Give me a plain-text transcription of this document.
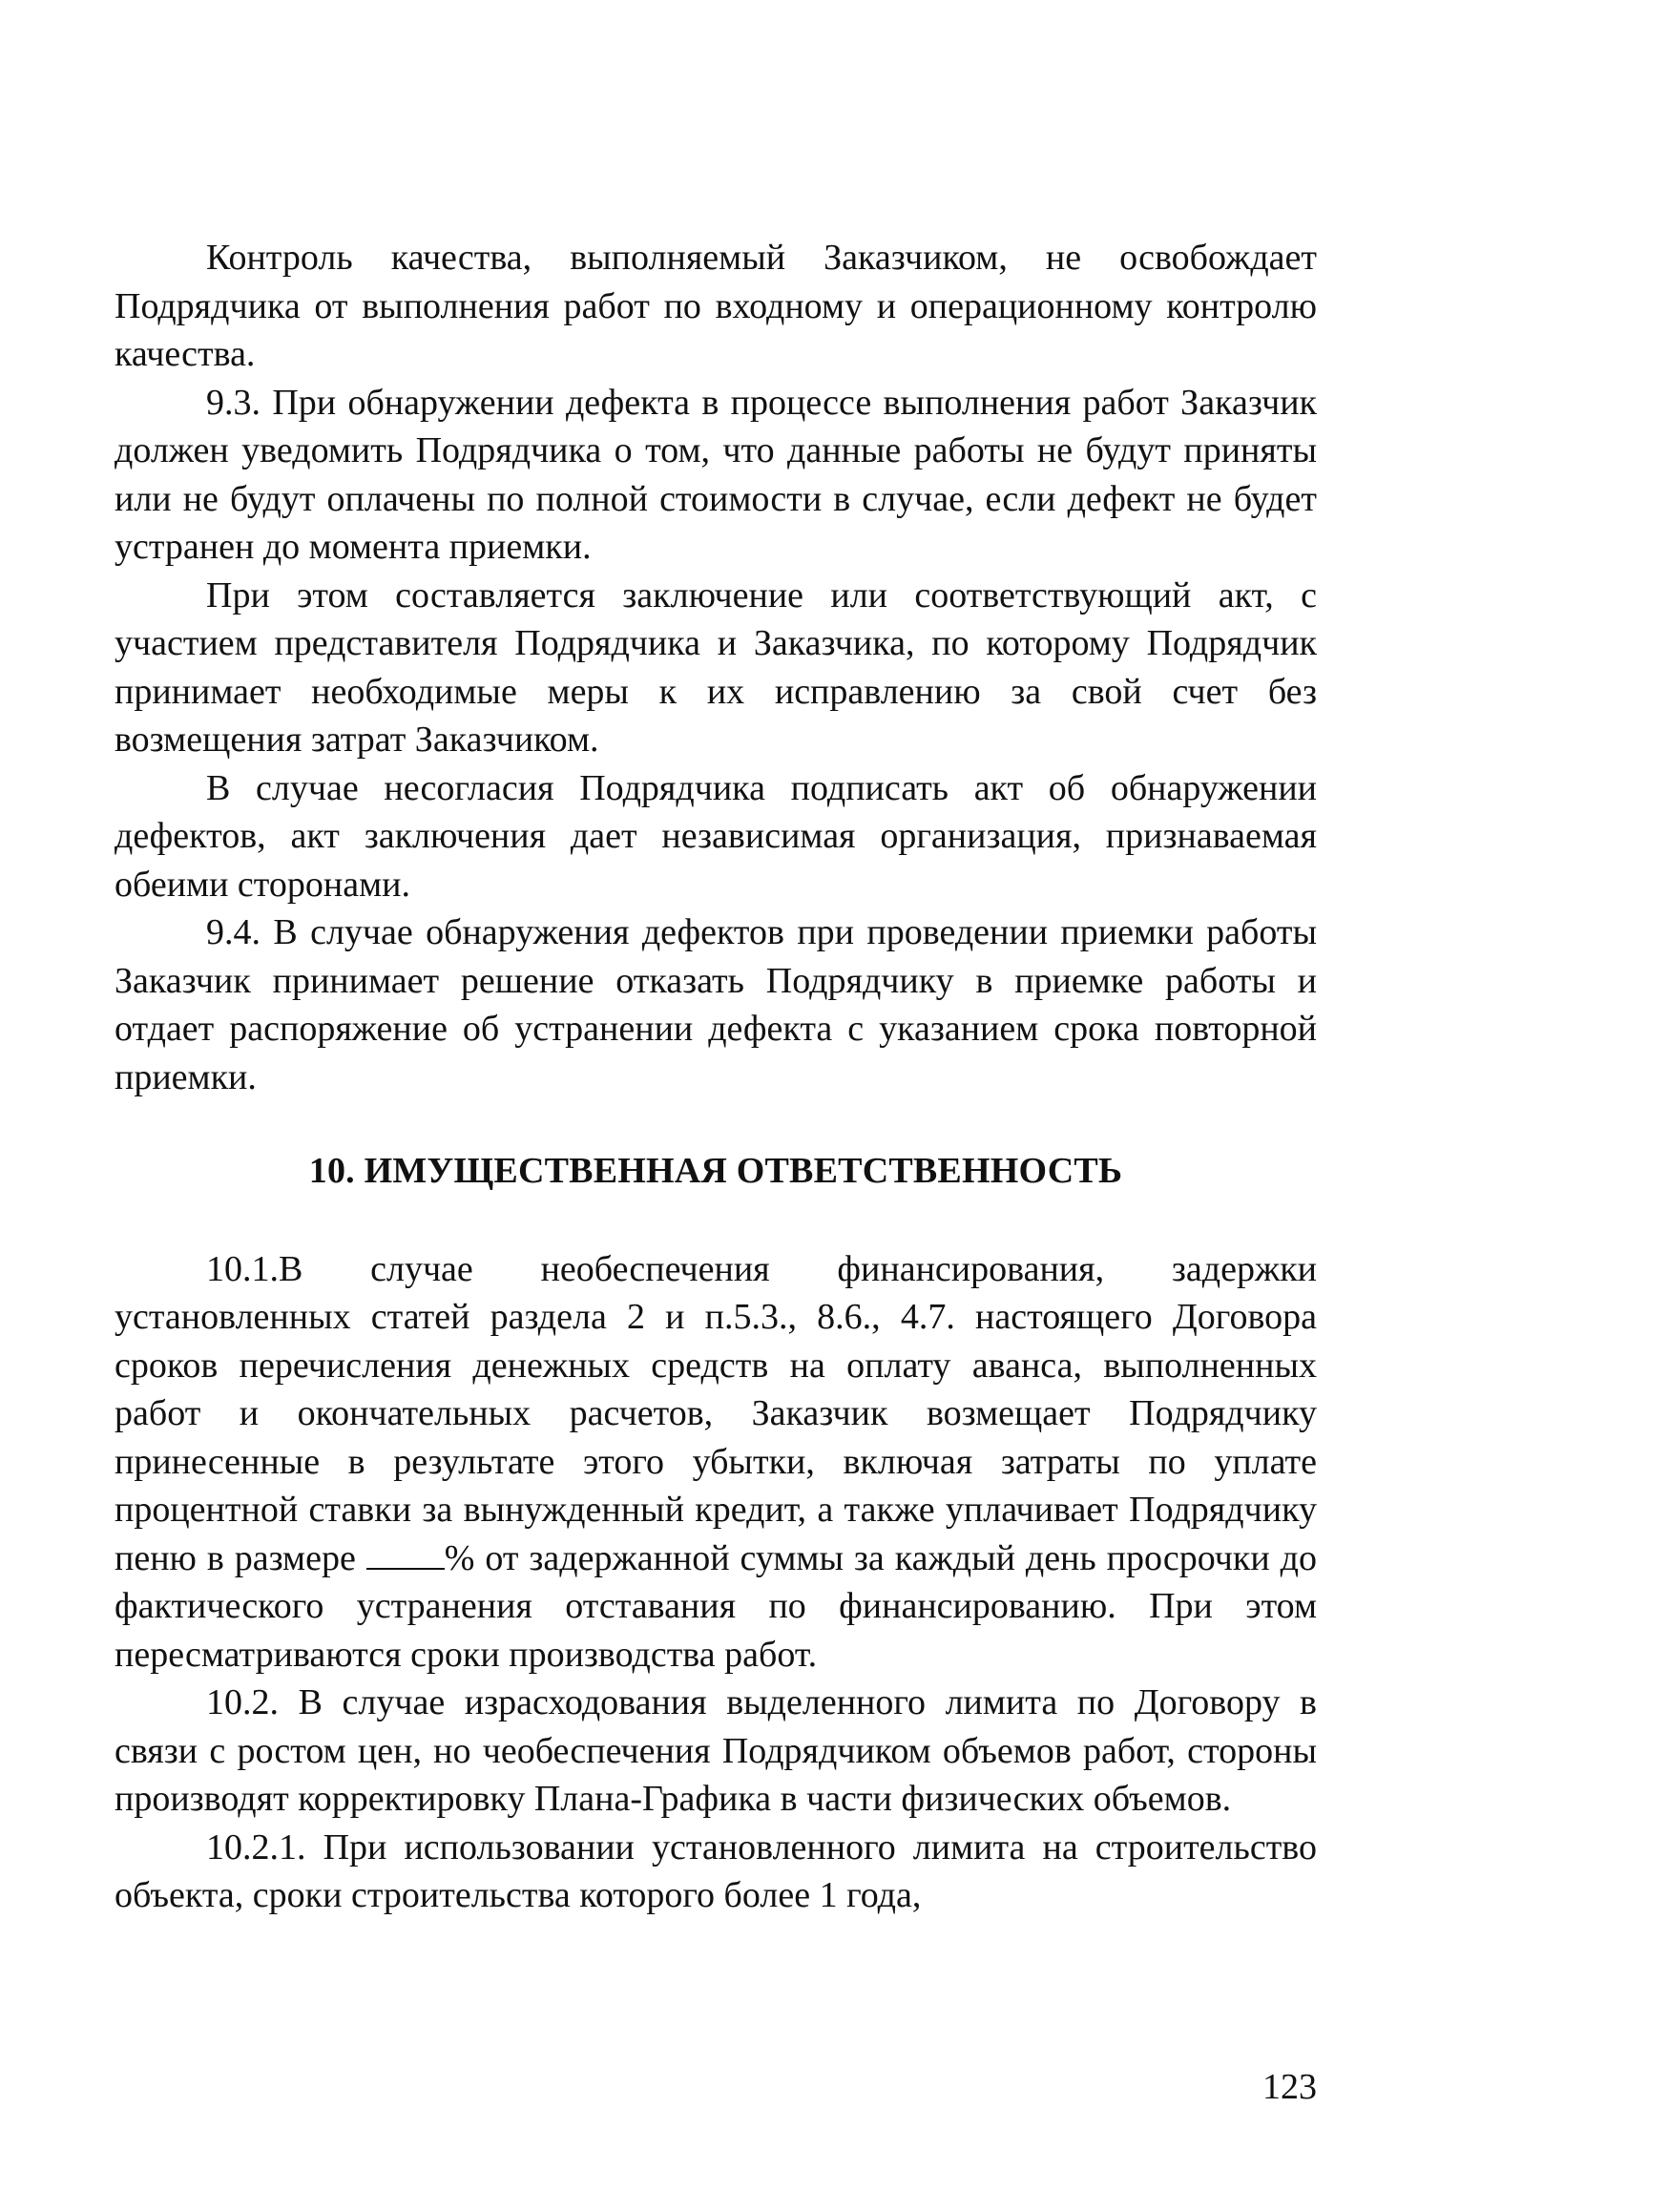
Контроль качества, выполняемый Заказчиком, не освобождает Подрядчика от выполнения работ по входному и операционному контролю качества.

9.3. При обнаружении дефекта в процессе выполнения работ Заказчик должен уведомить Подрядчика о том, что данные работы не будут приняты или не будут оплачены по полной стоимости в случае, если дефект не будет устранен до момента приемки.

При этом составляется заключение или соответствующий акт, с участием представителя Подрядчика и Заказчика, по которому Подрядчик принимает необходимые меры к их исправлению за свой счет без возмещения затрат Заказчиком.

В случае несогласия Подрядчика подписать акт об обнаружении дефектов, акт заключения дает независимая организация, признаваемая обеими сторонами.

9.4. В случае обнаружения дефектов при проведении приемки работы Заказчик принимает решение отказать Подрядчику в приемке работы и отдает распоряжение об устранении дефекта с указанием срока повторной приемки.

10. ИМУЩЕСТВЕННАЯ ОТВЕТСТВЕННОСТЬ

10.1.В случае необеспечения финансирования, задержки установленных статей раздела 2 и п.5.3., 8.6., 4.7. настоящего Договора сроков перечисления денежных средств на оплату аванса, выполненных работ и окончательных расчетов, Заказчик возмещает Подрядчику принесенные в результате этого убытки, включая затраты по уплате процентной ставки за вынужденный кредит, а также уплачивает Подрядчику пеню в размере % от задержанной суммы за каждый день просрочки до фактического устранения отставания по финансированию. При этом пересматриваются сроки производства работ.

10.2. В случае израсходования выделенного лимита по Договору в связи с ростом цен, но чеобеспечения Подрядчиком объемов работ, стороны производят корректировку Плана-Графика в части физических объемов.

10.2.1. При использовании установленного лимита на строительство объекта, сроки строительства которого более 1 года,

123
